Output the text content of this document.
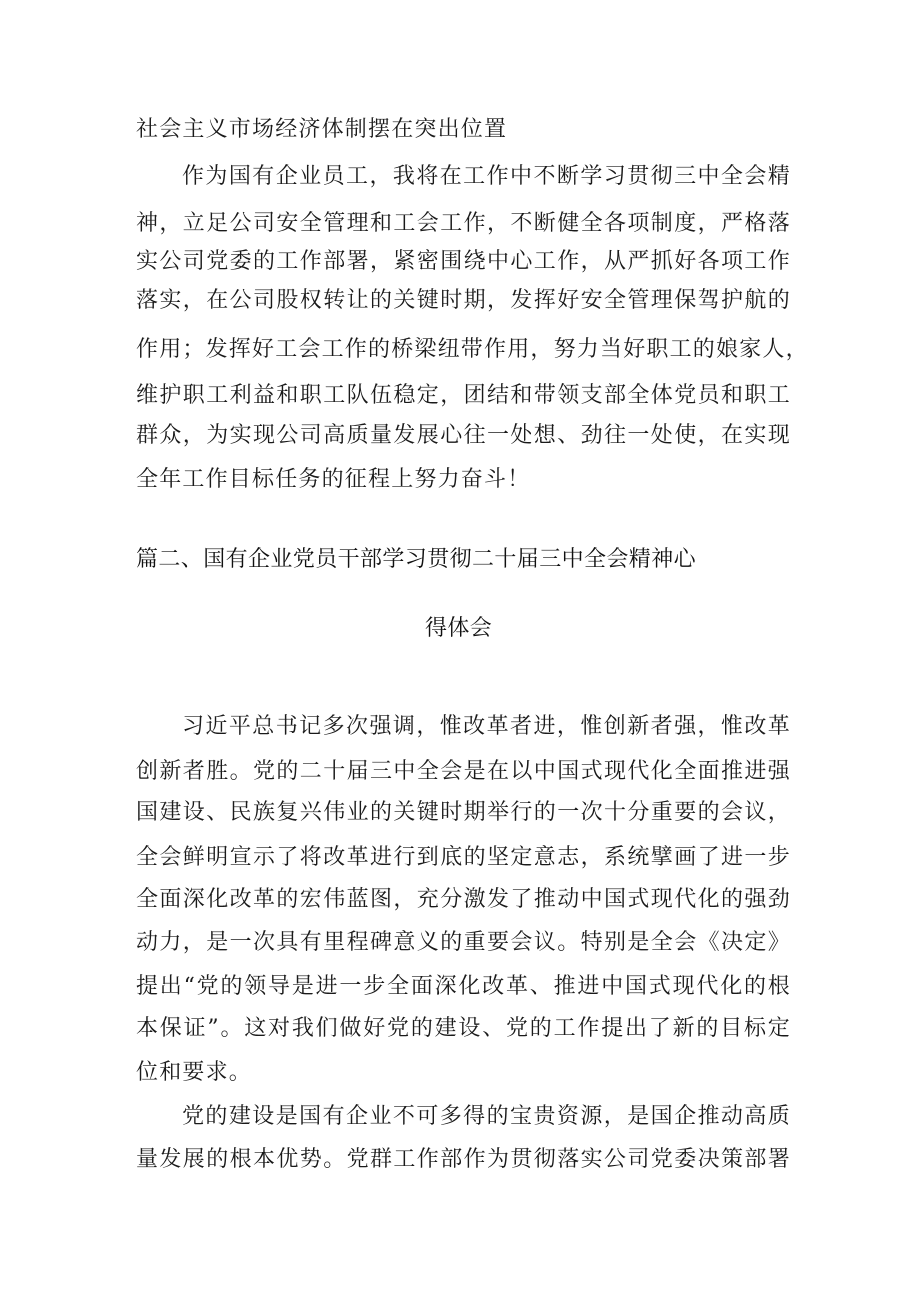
社会主义市场经济体制摆在突出位置
作为国有企业员工，我将在工作中不断学习贯彻三中全会精
神，立足公司安全管理和工会工作，不断健全各项制度，严格落
实公司党委的工作部署，紧密围绕中心工作，从严抓好各项工作
落实，在公司股权转让的关键时期，发挥好安全管理保驾护航的
作用；发挥好工会工作的桥梁纽带作用，努力当好职工的娘家人，
维护职工利益和职工队伍稳定，团结和带领支部全体党员和职工
群众，为实现公司高质量发展心往一处想、劲往一处使，在实现
全年工作目标任务的征程上努力奋斗！
篇二、国有企业党员干部学习贯彻二十届三中全会精神心
得体会
习近平总书记多次强调，惟改革者进，惟创新者强，惟改革
创新者胜。党的二十届三中全会是在以中国式现代化全面推进强
国建设、民族复兴伟业的关键时期举行的一次十分重要的会议，
全会鲜明宣示了将改革进行到底的坚定意志，系统擘画了进一步
全面深化改革的宏伟蓝图，充分激发了推动中国式现代化的强劲
动力，是一次具有里程碑意义的重要会议。特别是全会《决定》
提出“党的领导是进一步全面深化改革、推进中国式现代化的根
本保证”。这对我们做好党的建设、党的工作提出了新的目标定
位和要求。
党的建设是国有企业不可多得的宝贵资源，是国企推动高质
量发展的根本优势。党群工作部作为贯彻落实公司党委决策部署
